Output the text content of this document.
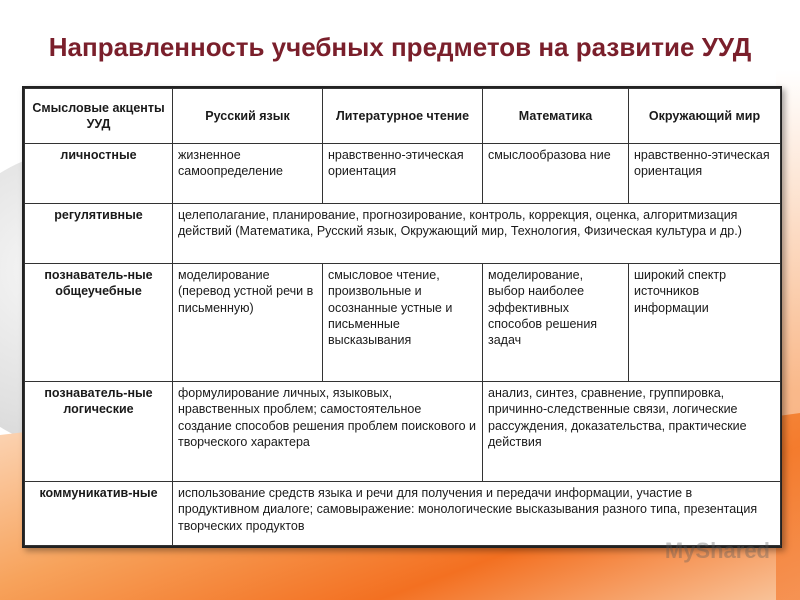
Направленность учебных предметов на развитие УУД
Смысловые акценты УУД	Русский язык	Литературное чтение	Математика	Окружающий мир
личностные	жизненное самоопределение	нравственно-этическая ориентация	смыслообразова ние	нравственно-этическая ориентация
регулятивные	целеполагание, планирование, прогнозирование, контроль, коррекция, оценка, алгоритмизация действий (Математика, Русский язык, Окружающий мир, Технология, Физическая культура и др.)			
познаватель-ные общеучебные	моделирование (перевод устной речи в письменную)	смысловое чтение, произвольные и осознанные устные и письменные высказывания	моделирование, выбор наиболее эффективных способов решения задач	широкий спектр источников информации
познаватель-ные логические	формулирование личных, языковых, нравственных проблем; самостоятельное создание способов решения проблем поискового и творческого характера		анализ, синтез, сравнение, группировка, причинно-следственные связи, логические рассуждения, доказательства, практические действия	
коммуникатив-ные	использование средств языка и речи для получения и передачи информации, участие в продуктивном диалоге; самовыражение: монологические высказывания разного типа, презентация творческих продуктов			
MyShared
